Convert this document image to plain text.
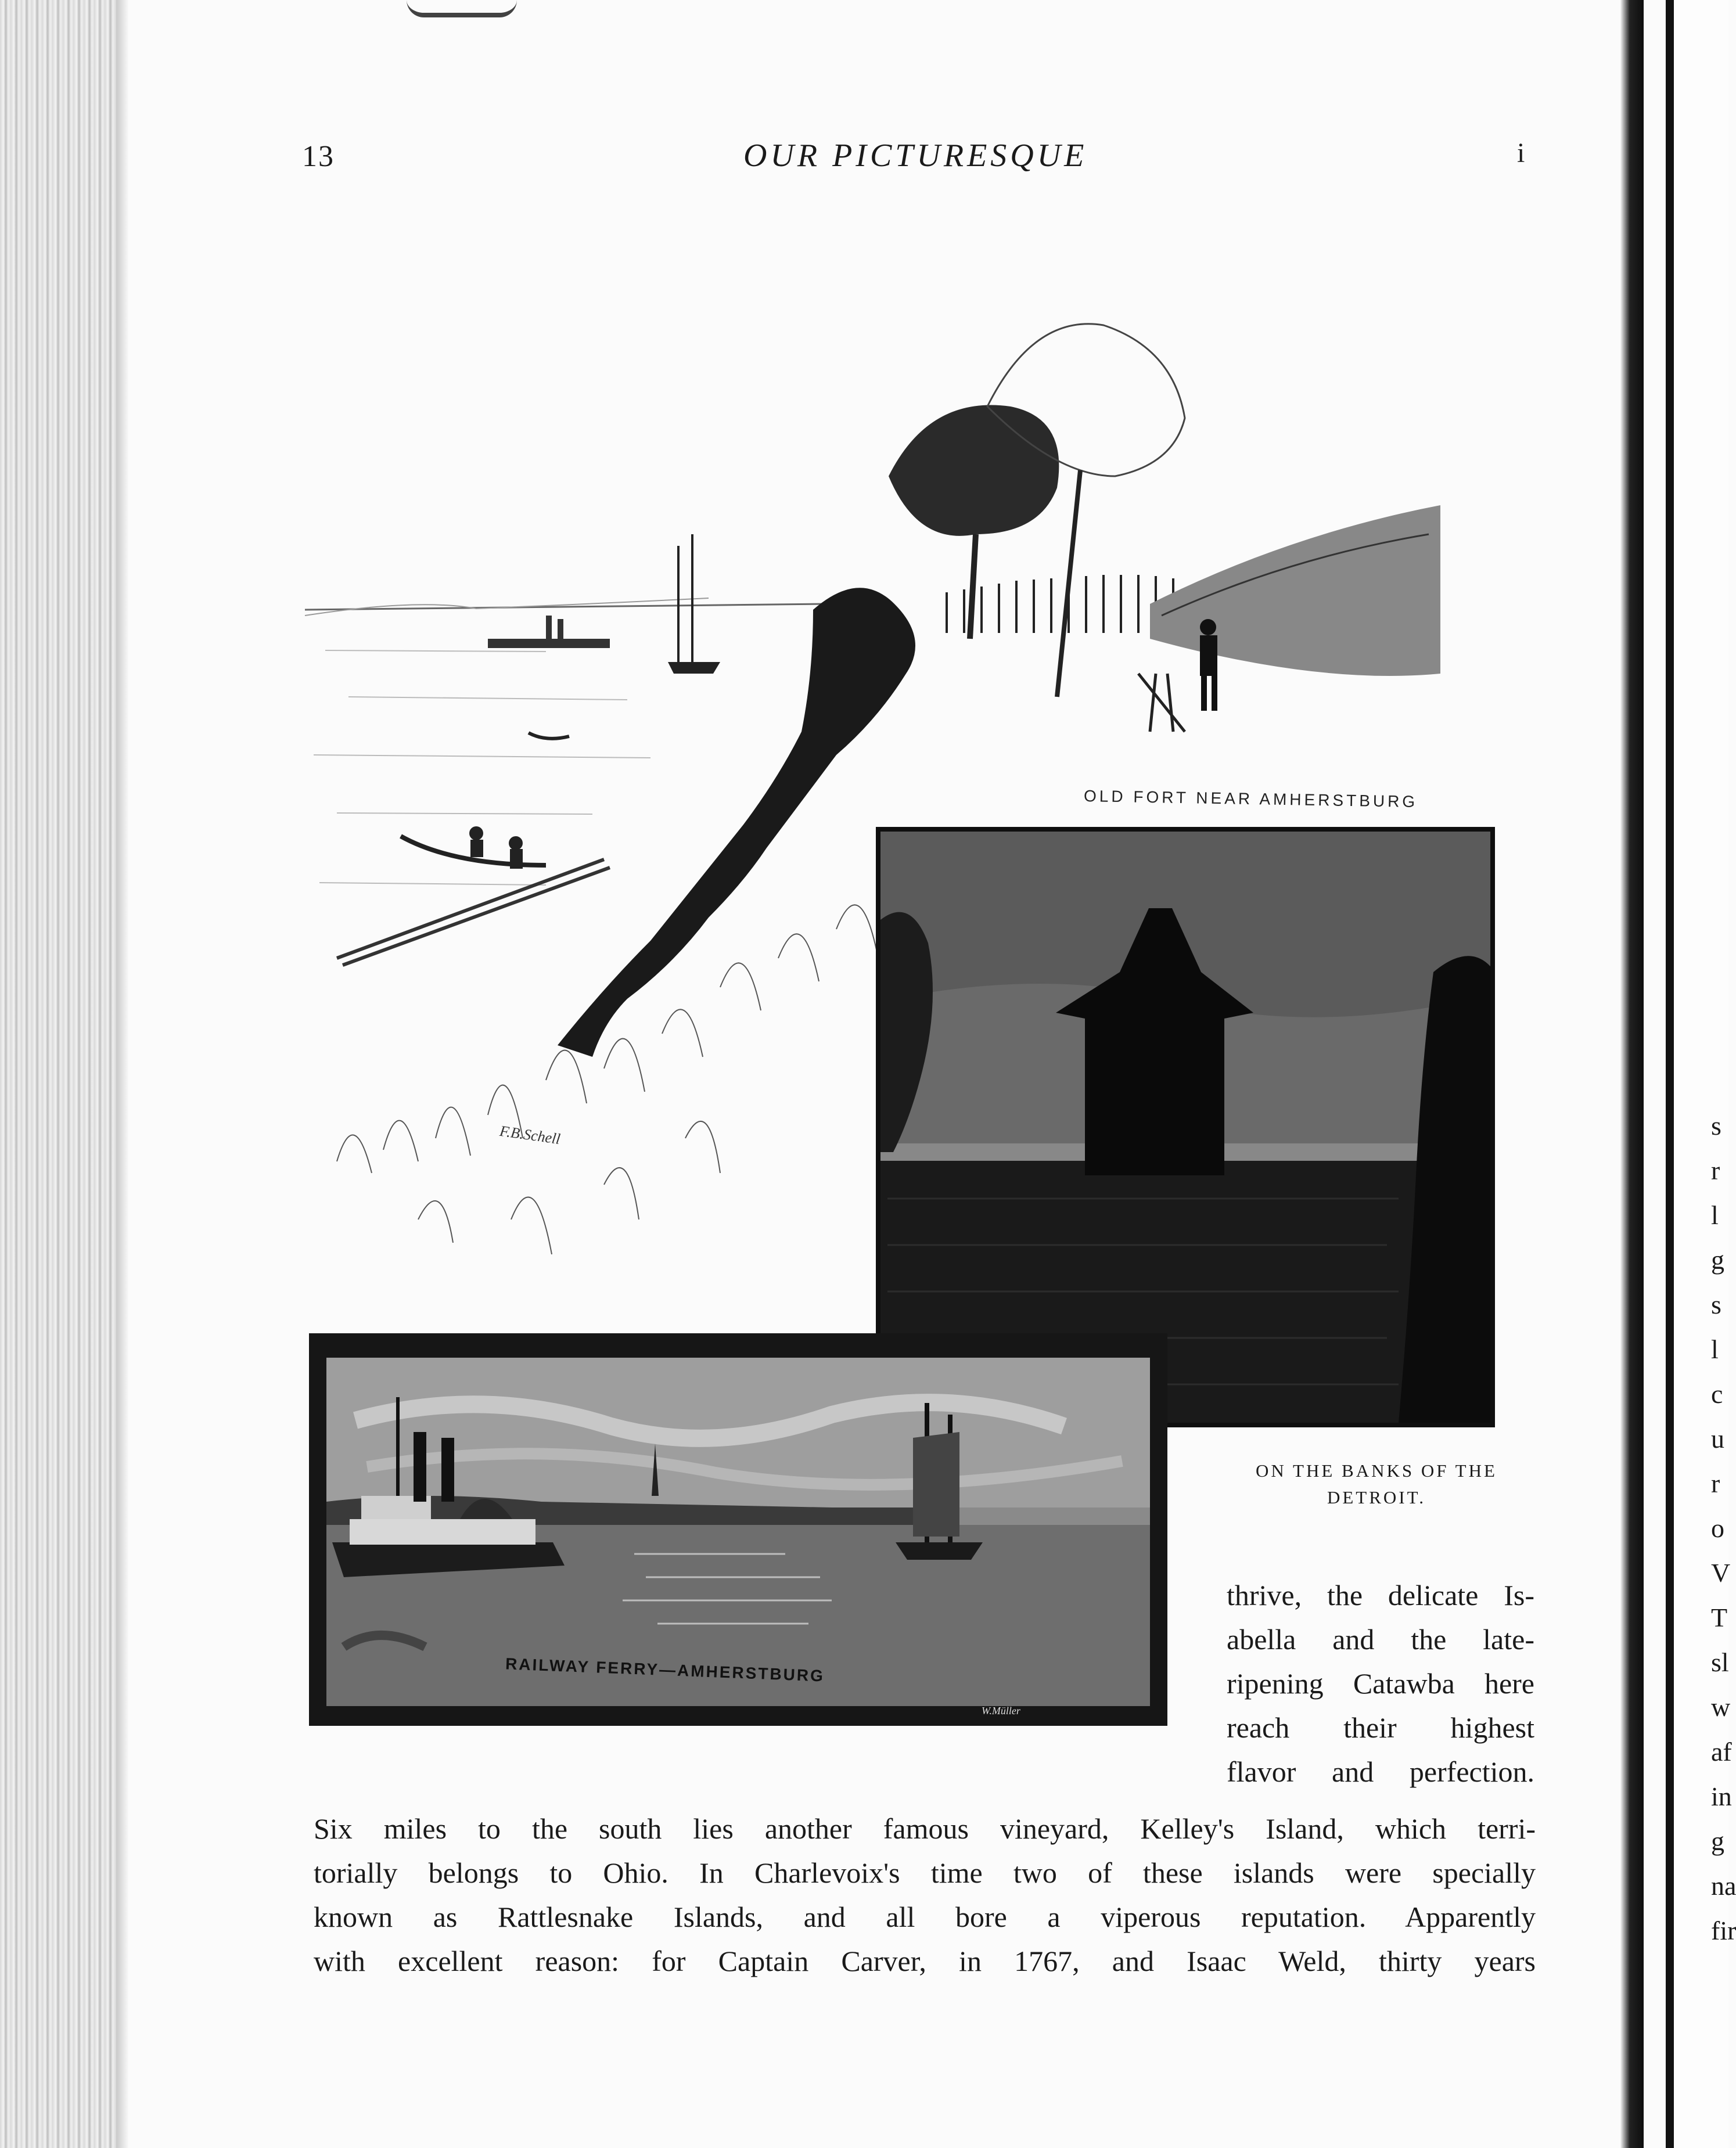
s
r
l
g
s
l
c
u
r
o
V
T
sl
w
af
in
g
na
fir
13	OUR PICTURESQUE	i
OLD FORT NEAR AMHERSTBURG
F.B.Schell
ON THE BANKS OF THE
DETROIT.
RAILWAY FERRY—AMHERSTBURG
W.Müller
thrive, the delicate Is-
abella and the late-
ripening Catawba here
reach their highest
flavor and perfection.
Six miles to the south lies another famous vineyard, Kelley's Island, which terri-
torially belongs to Ohio. In Charlevoix's time two of these islands were specially
known as Rattlesnake Islands, and all bore a viperous reputation. Apparently
with excellent reason: for Captain Carver, in 1767, and Isaac Weld, thirty years
